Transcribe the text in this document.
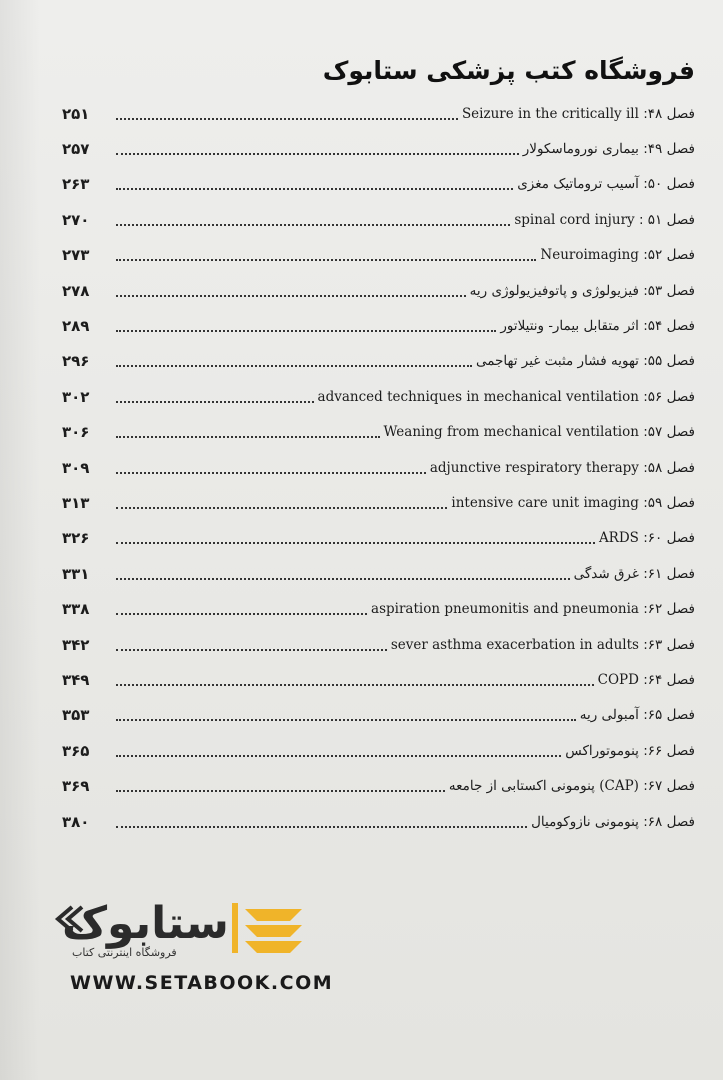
فروشگاه کتب پزشکی ستابوک
۲۵۱	فصل ۴۸: Seizure in the critically ill
۲۵۷	فصل ۴۹: بیماری نوروماسکولار
۲۶۳	فصل ۵۰: آسیب تروماتیک مغزی
۲۷۰	فصل ۵۱ : spinal cord injury
۲۷۳	فصل ۵۲: Neuroimaging
۲۷۸	فصل ۵۳: فیزیولوژی و پاتوفیزیولوژی ریه
۲۸۹	فصل ۵۴: اثر متقابل بیمار- ونتیلاتور
۲۹۶	فصل ۵۵: تهویه فشار مثبت غیر تهاجمی
۳۰۲	فصل ۵۶: advanced techniques in mechanical ventilation
۳۰۶	فصل ۵۷: Weaning from mechanical ventilation
۳۰۹	فصل ۵۸: adjunctive respiratory therapy
۳۱۳	فصل ۵۹: intensive care unit imaging
۳۲۶	فصل ۶۰: ARDS
۳۳۱	فصل ۶۱: غرق شدگی
۳۳۸	فصل ۶۲: aspiration pneumonitis and pneumonia
۳۴۲	فصل ۶۳: sever asthma exacerbation in adults
۳۴۹	فصل ۶۴: COPD
۳۵۳	فصل ۶۵: آمبولی ریه
۳۶۵	فصل ۶۶: پنوموتوراکس
۳۶۹	فصل ۶۷: (CAP) پنومونی اکستابی از جامعه
۳۸۰	فصل ۶۸: پنومونی نازوکومیال
ستابوک
فروشگاه اینترنتی کتاب
WWW.SETABOOK.COM
